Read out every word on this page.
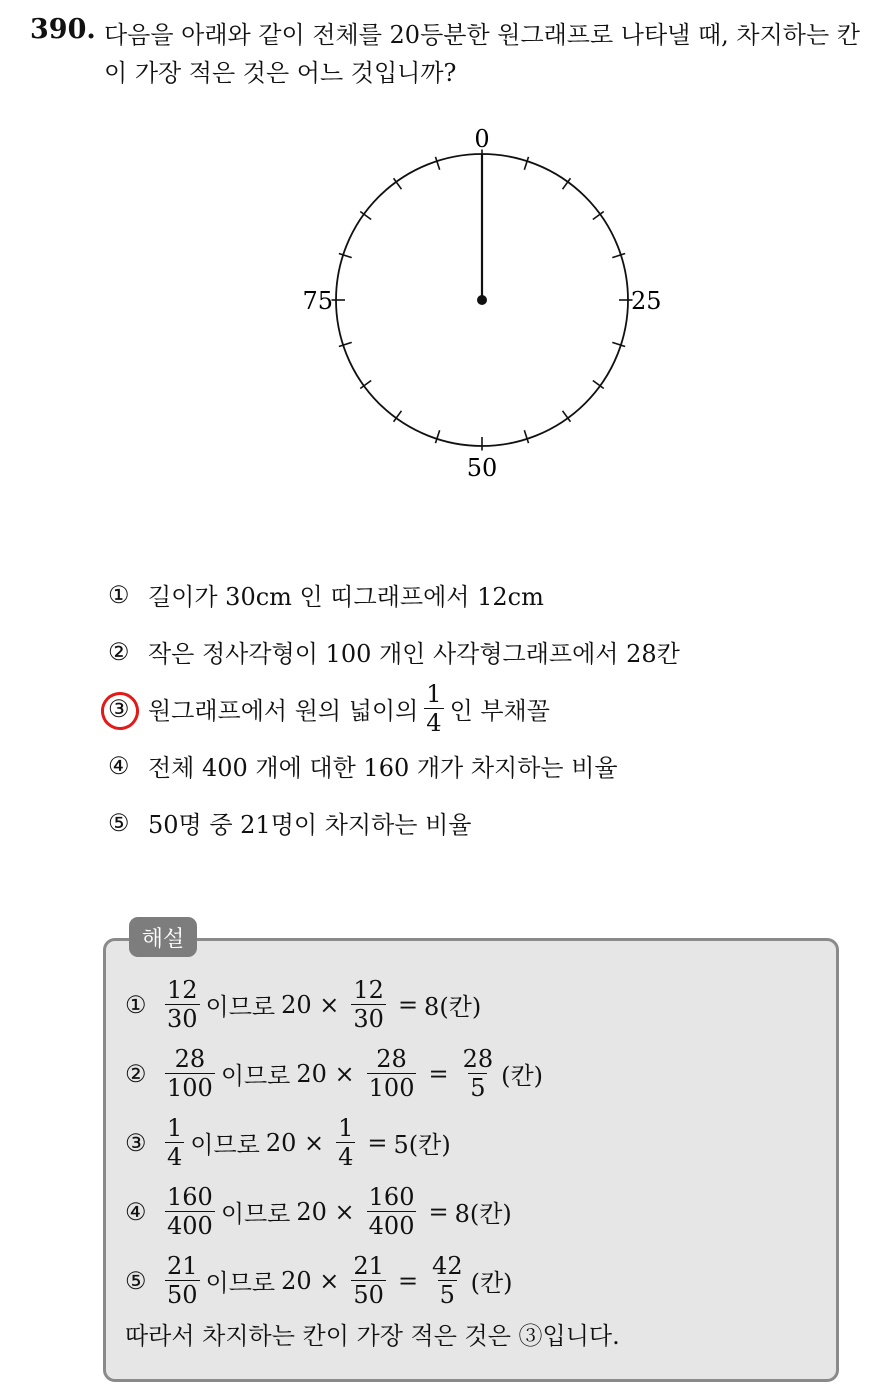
390. 다음을 아래와 같이 전체를 20등분한 원그래프로 나타낼 때, 차지하는 칸이 가장 적은 것은 어느 것입니까?
0
25
50
75
① 길이가 30cm 인 띠그래프에서 12cm
② 작은 정사각형이 100 개인 사각형그래프에서 28칸
③ 원그래프에서 원의 넓이의 $\frac{1}{4}$ 인 부채꼴
④ 전체 400 개에 대한 160 개가 차지하는 비율
⑤ 50명 중 21명이 차지하는 비율
해설
① $\frac{12}{30}$ 이므로 $20 \times \frac{12}{30} = 8$(칸)
② $\frac{28}{100}$ 이므로 $20 \times \frac{28}{100} = \frac{28}{5}$ (칸)
③ $\frac{1}{4}$ 이므로 $20 \times \frac{1}{4} = 5$(칸)
④ $\frac{160}{400}$ 이므로 $20 \times \frac{160}{400} = 8$(칸)
⑤ $\frac{21}{50}$ 이므로 $20 \times \frac{21}{50} = \frac{42}{5}$ (칸)
따라서 차지하는 칸이 가장 적은 것은 ③입니다.
